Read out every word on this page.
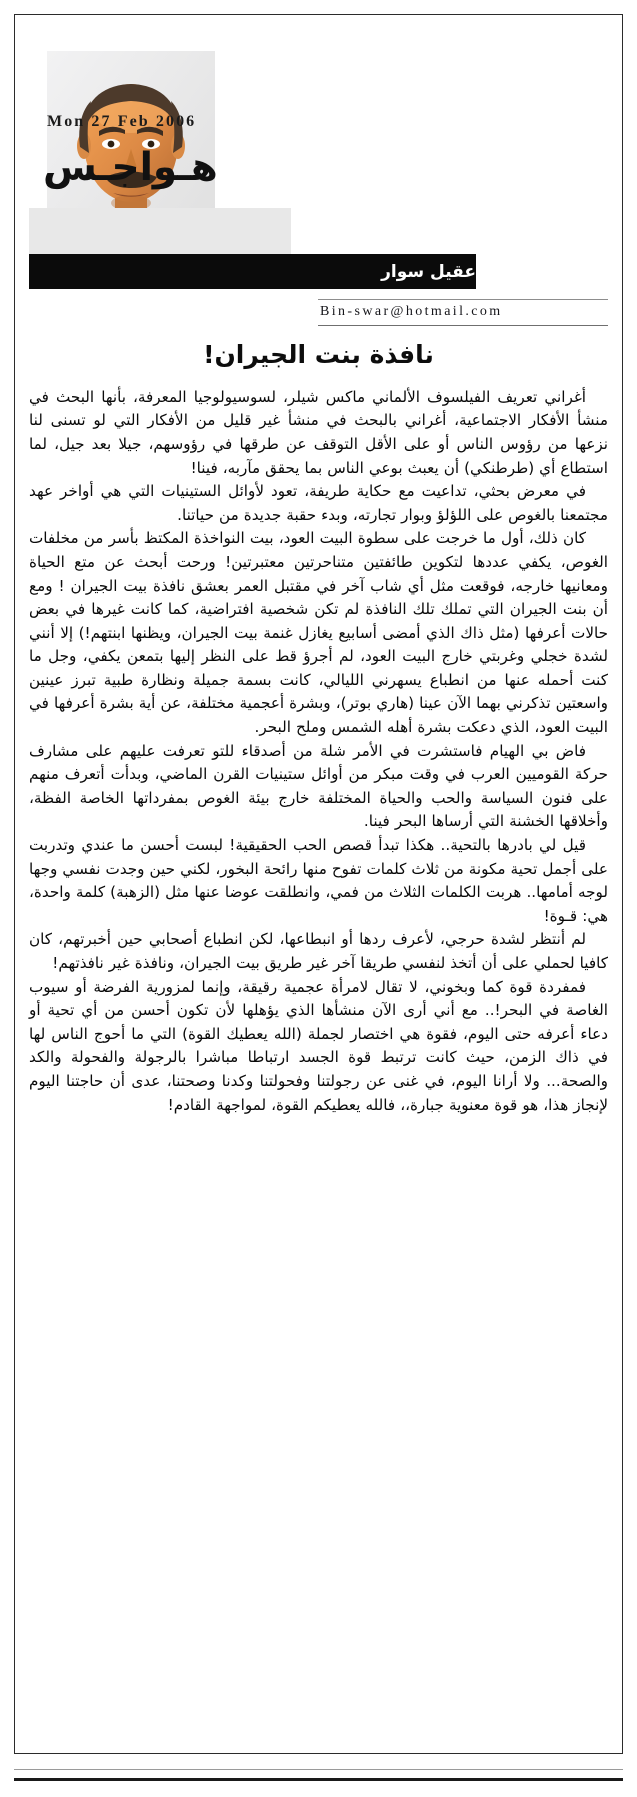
Mon 27 Feb 2006
هـواجـس
عقيل سوار
Bin-swar@hotmail.com
نافذة بنت الجيران!

أغراني تعريف الفيلسوف الألماني ماكس شيلر، لسوسيولوجيا المعرفة، بأنها البحث في منشأ الأفكار الاجتماعية، أغراني بالبحث في منشأ غير قليل من الأفكار التي لو تسنى لنا نزعها من رؤوس الناس أو على الأقل التوقف عن طرقها في رؤوسهم، جيلا بعد جيل، لما استطاع أي (طرطنكي) أن يعبث بوعي الناس بما يحقق مآربه، فينا!

في معرض بحثي، تداعيت مع حكاية طريفة، تعود لأوائل الستينيات التي هي أواخر عهد مجتمعنا بالغوص على اللؤلؤ وبوار تجارته، وبدء حقبة جديدة من حياتنا.

كان ذلك، أول ما خرجت على سطوة البيت العود، بيت النواخذة المكتظ بأسر من مخلفات الغوص، يكفي عددها لتكوين طائفتين متناحرتين معتبرتين! ورحت أبحث عن متع الحياة ومعانيها خارجه، فوقعت مثل أي شاب آخر في مقتبل العمر بعشق نافذة بيت الجيران ! ومع أن بنت الجيران التي تملك تلك النافذة لم تكن شخصية افتراضية، كما كانت غيرها في بعض حالات أعرفها (مثل ذاك الذي أمضى أسابيع يغازل غنمة بيت الجيران، ويظنها ابنتهم!) إلا أنني لشدة خجلي وغربتي خارج البيت العود، لم أجرؤ قط على النظر إليها بتمعن يكفي، وجل ما كنت أحمله عنها من انطباع يسهرني الليالي، كانت بسمة جميلة ونظارة طبية تبرز عينين واسعتين تذكرني بهما الآن عينا (هاري بوتر)، وبشرة أعجمية مختلفة، عن أية بشرة أعرفها في البيت العود، الذي دعكت بشرة أهله الشمس وملح البحر.

فاض بي الهيام فاستشرت في الأمر شلة من أصدقاء للتو تعرفت عليهم على مشارف حركة القوميين العرب في وقت مبكر من أوائل ستينيات القرن الماضي، وبدأت أتعرف منهم على فنون السياسة والحب والحياة المختلفة خارج بيئة الغوص بمفرداتها الخاصة الفظة، وأخلاقها الخشنة التي أرساها البحر فينا.

قيل لي بادرها بالتحية.. هكذا تبدأ قصص الحب الحقيقية! لبست أحسن ما عندي وتدربت على أجمل تحية مكونة من ثلاث كلمات تفوح منها رائحة البخور، لكني حين وجدت نفسي وجها لوجه أمامها.. هربت الكلمات الثلاث من فمي، وانطلقت عوضا عنها مثل (الزهبة) كلمة واحدة، هي: قـوة!

لم أنتظر لشدة حرجي، لأعرف ردها أو انبطاعها، لكن انطباع أصحابي حين أخبرتهم، كان كافيا لحملي على أن أتخذ لنفسي طريقا آخر غير طريق بيت الجيران، ونافذة غير نافذتهم!

فمفردة قوة كما وبخوني، لا تقال لامرأة عجمية رقيقة، وإنما لمزورية الفرضة أو سيوب الغاصة في البحر!.. مع أني أرى الآن منشأها الذي يؤهلها لأن تكون أحسن من أي تحية أو دعاء أعرفه حتى اليوم، فقوة هي اختصار لجملة (الله يعطيك القوة) التي ما أحوج الناس لها في ذاك الزمن، حيث كانت ترتبط قوة الجسد ارتباطا مباشرا بالرجولة والفحولة والكد والصحة... ولا أرانا اليوم، في غنى عن رجولتنا وفحولتنا وكدنا وصحتنا، عدى أن حاجتنا اليوم لإنجاز هذا، هو قوة معنوية جبارة،، فالله يعطيكم القوة، لمواجهة القادم!
